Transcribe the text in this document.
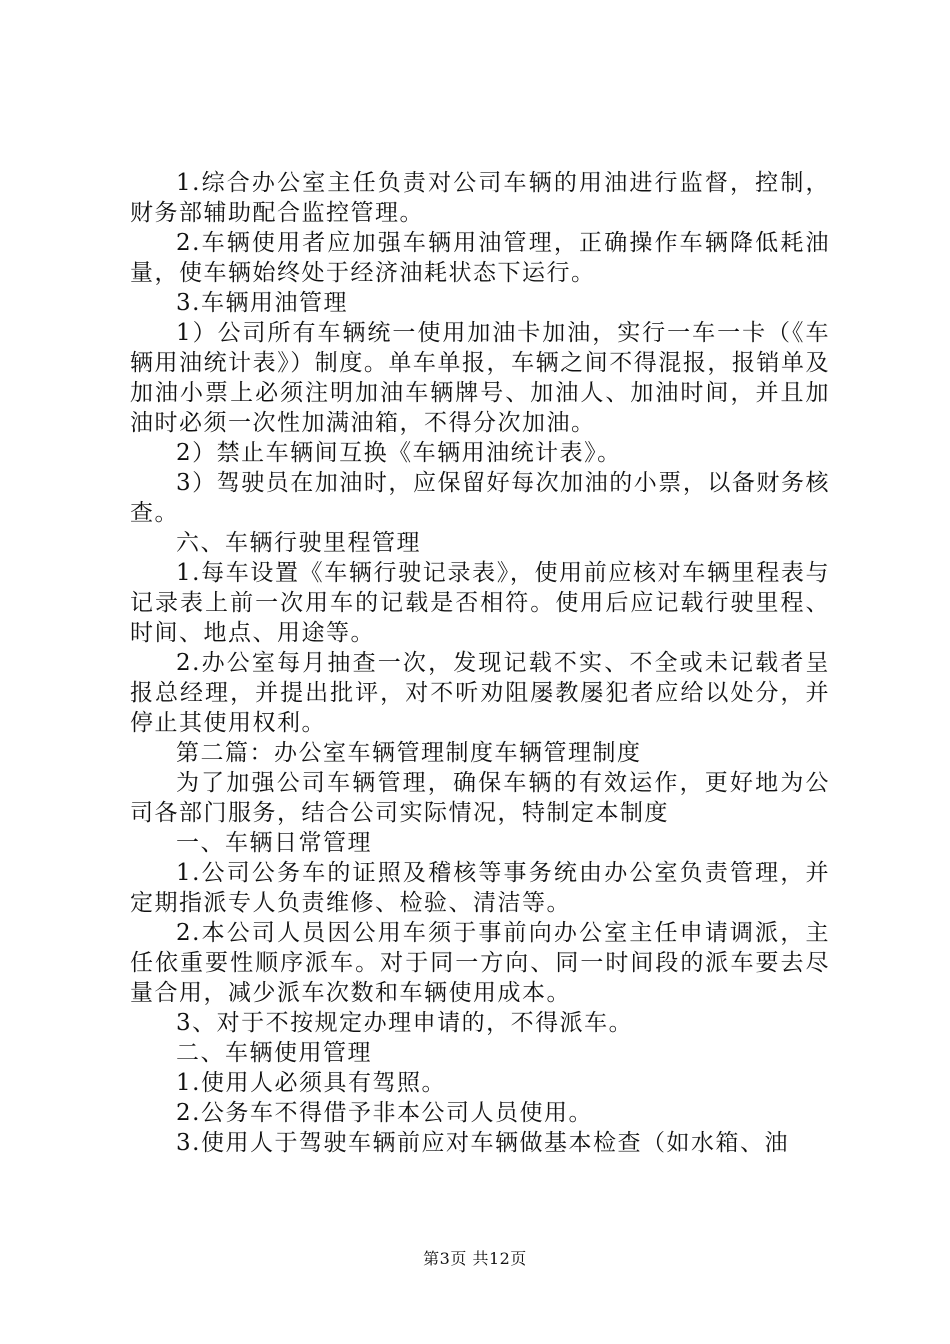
1.综合办公室主任负责对公司车辆的用油进行监督，控制，财务部辅助配合监控管理。

2.车辆使用者应加强车辆用油管理，正确操作车辆降低耗油量，使车辆始终处于经济油耗状态下运行。

3.车辆用油管理

1）公司所有车辆统一使用加油卡加油，实行一车一卡（《车辆用油统计表》）制度。单车单报，车辆之间不得混报，报销单及加油小票上必须注明加油车辆牌号、加油人、加油时间，并且加油时必须一次性加满油箱，不得分次加油。

2）禁止车辆间互换《车辆用油统计表》。

3）驾驶员在加油时，应保留好每次加油的小票，以备财务核查。

六、车辆行驶里程管理

1.每车设置《车辆行驶记录表》，使用前应核对车辆里程表与记录表上前一次用车的记载是否相符。使用后应记载行驶里程、时间、地点、用途等。

2.办公室每月抽查一次，发现记载不实、不全或未记载者呈报总经理，并提出批评，对不听劝阻屡教屡犯者应给以处分，并停止其使用权利。

第二篇：办公室车辆管理制度车辆管理制度

为了加强公司车辆管理，确保车辆的有效运作，更好地为公司各部门服务，结合公司实际情况，特制定本制度

一、车辆日常管理

1.公司公务车的证照及稽核等事务统由办公室负责管理，并定期指派专人负责维修、检验、清洁等。

2.本公司人员因公用车须于事前向办公室主任申请调派，主任依重要性顺序派车。对于同一方向、同一时间段的派车要去尽量合用，减少派车次数和车辆使用成本。

3、对于不按规定办理申请的，不得派车。

二、车辆使用管理

1.使用人必须具有驾照。

2.公务车不得借予非本公司人员使用。

3.使用人于驾驶车辆前应对车辆做基本检查（如水箱、油

第3页 共12页
